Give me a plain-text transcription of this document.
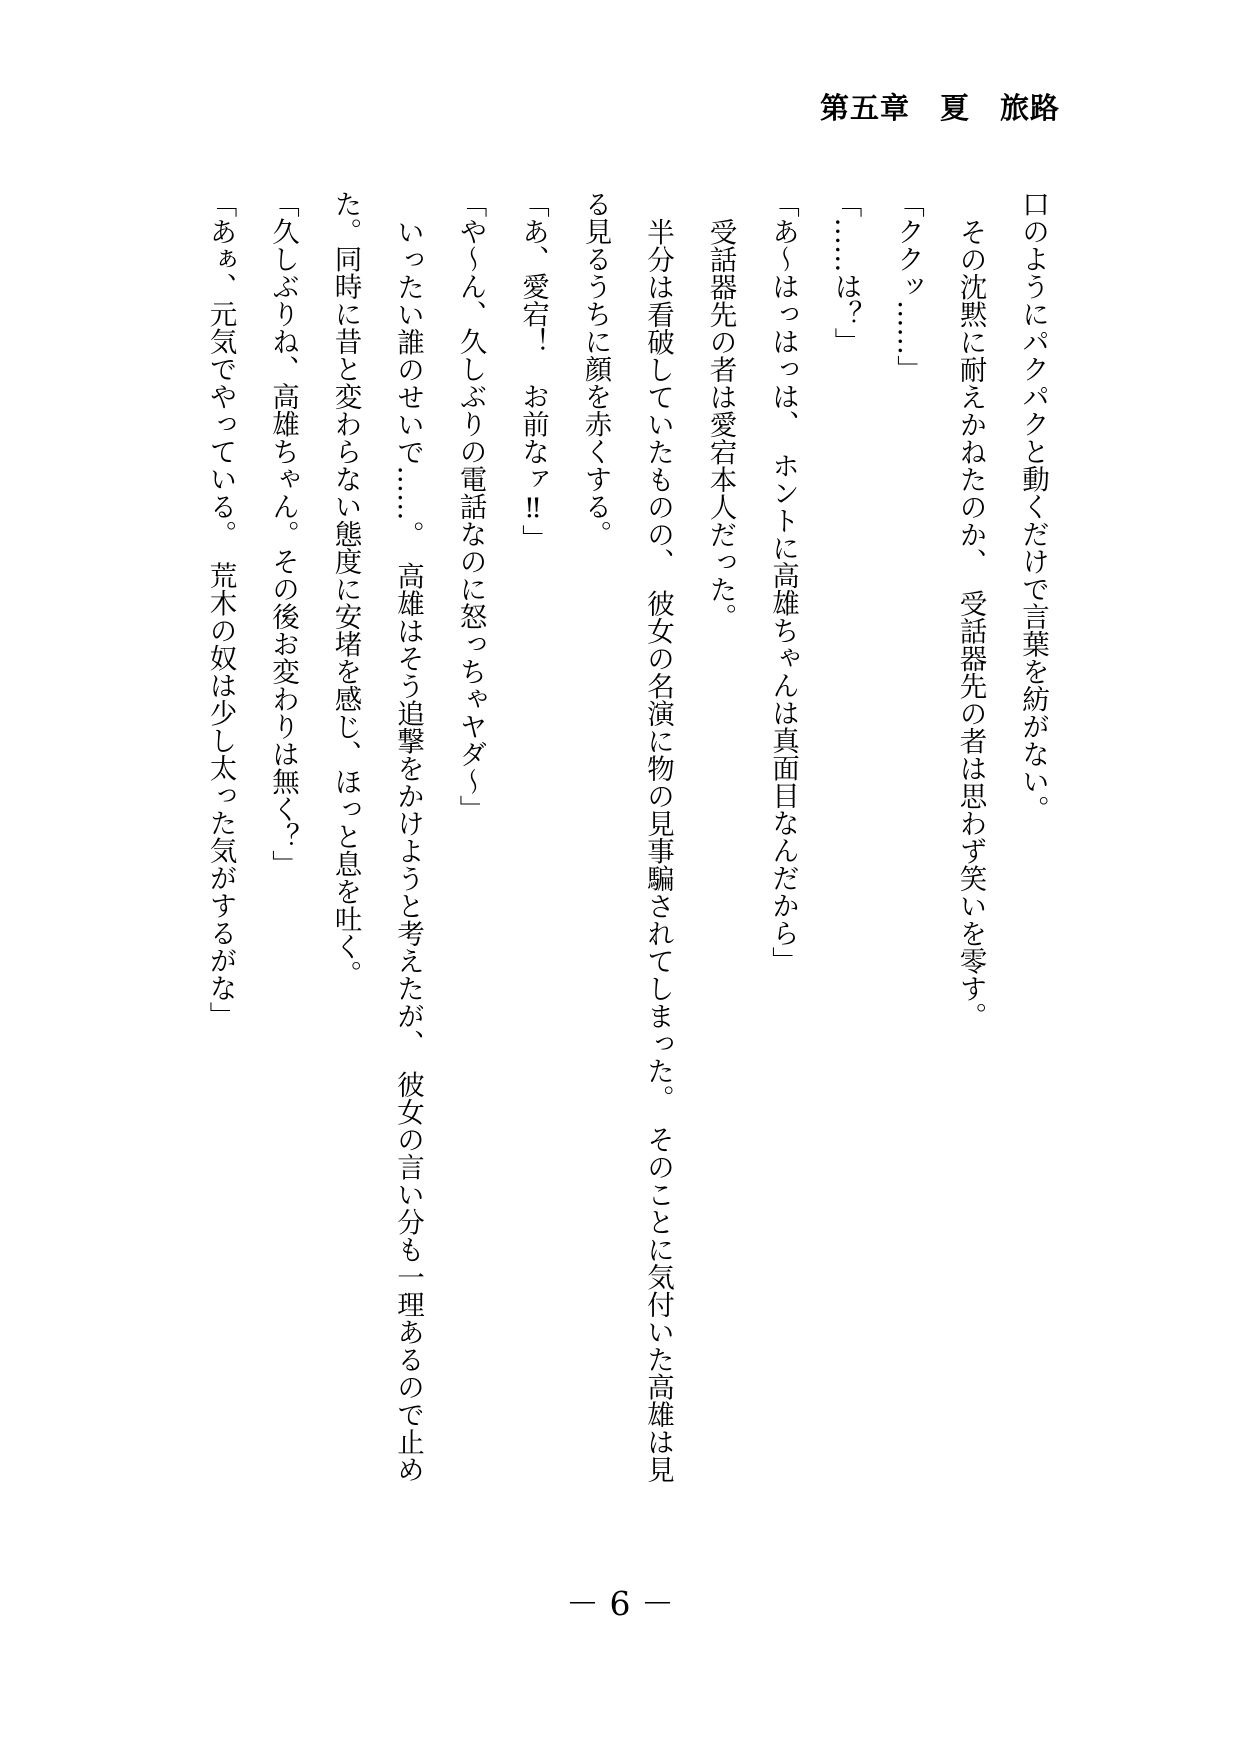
第五章　夏　旅路

口のようにパクパクと動くだけで言葉を紡がない。

その沈黙に耐えかねたのか、　受話器先の者は思わず笑いを零す。

「ククッ……」

「……は？」

「あ～はっはっは、　ホントに高雄ちゃんは真面目なんだから」

受話器先の者は愛宕本人だった。

半分は看破していたものの、　彼女の名演に物の見事騙されてしまった。　そのことに気付いた高雄は見る見るうちに顔を赤くする。

「あ、愛宕！　お前なァ‼」

「や～ん、久しぶりの電話なのに怒っちゃヤダ～」

いったい誰のせいで……。　高雄はそう追撃をかけようと考えたが、　彼女の言い分も一理あるので止めた。同時に昔と変わらない態度に安堵を感じ、ほっと息を吐く。

「久しぶりね、高雄ちゃん。その後お変わりは無く？」

「あぁ、元気でやっている。　荒木の奴は少し太った気がするがな」

－ 6 －
